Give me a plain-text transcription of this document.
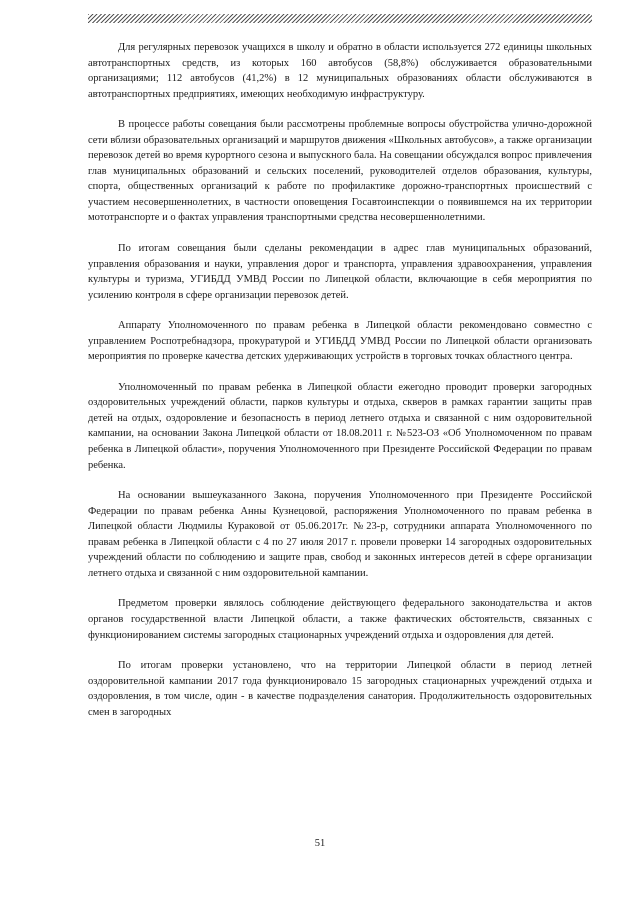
Для регулярных перевозок учащихся в школу и обратно в области используется 272 единицы школьных автотранспортных средств, из которых 160 автобусов (58,8%) обслуживается образовательными организациями; 112 автобусов (41,2%) в 12 муниципальных образованиях области обслуживаются в автотранспортных предприятиях, имеющих необходимую инфраструктуру.

В процессе работы совещания были рассмотрены проблемные вопросы обустройства улично-дорожной сети вблизи образовательных организаций и маршрутов движения «Школьных автобусов», а также организации перевозок детей во время курортного сезона и выпускного бала. На совещании обсуждался вопрос привлечения глав муниципальных образований и сельских поселений, руководителей отделов образования, культуры, спорта, общественных организаций к работе по профилактике дорожно-транспортных происшествий с участием несовершеннолетних, в частности оповещения Госавтоинспекции о появившемся на их территории мототранспорте и о фактах управления транспортными средства несовершеннолетними.

По итогам совещания были сделаны рекомендации в адрес глав муниципальных образований, управления образования и науки, управления дорог и транспорта, управления здравоохранения, управления культуры и туризма, УГИБДД УМВД России по Липецкой области, включающие в себя мероприятия по усилению контроля в сфере организации перевозок детей.

Аппарату Уполномоченного по правам ребенка в Липецкой области рекомендовано совместно с управлением Роспотребнадзора, прокуратурой и УГИБДД УМВД России по Липецкой области организовать мероприятия по проверке качества детских удерживающих устройств в торговых точках областного центра.

Уполномоченный по правам ребенка в Липецкой области ежегодно проводит проверки загородных оздоровительных учреждений области, парков культуры и отдыха, скверов в рамках гарантии защиты прав детей на отдых, оздоровление и безопасность в период летнего отдыха и связанной с ним оздоровительной кампании, на основании Закона Липецкой области от 18.08.2011 г. №523-ОЗ «Об Уполномоченном по правам ребенка в Липецкой области», поручения Уполномоченного при Президенте Российской Федерации по правам ребенка.

На основании вышеуказанного Закона, поручения Уполномоченного при Президенте Российской Федерации по правам ребенка Анны Кузнецовой, распоряжения Уполномоченного по правам ребенка в Липецкой области Людмилы Кураковой от 05.06.2017г. №23-р, сотрудники аппарата Уполномоченного по правам ребенка в Липецкой области с 4 по 27 июля 2017 г. провели проверки 14 загородных оздоровительных учреждений области по соблюдению и защите прав, свобод и законных интересов детей в сфере организации летнего отдыха и связанной с ним оздоровительной кампании.

Предметом проверки являлось соблюдение действующего федерального законодательства и актов органов государственной власти Липецкой области, а также фактических обстоятельств, связанных с функционированием системы загородных стационарных учреждений отдыха и оздоровления для детей.

По итогам проверки установлено, что на территории Липецкой области в период летней оздоровительной кампании 2017 года функционировало 15 загородных стационарных учреждений отдыха и оздоровления, в том числе, один - в качестве подразделения санатория. Продолжительность оздоровительных смен в загородных

51
